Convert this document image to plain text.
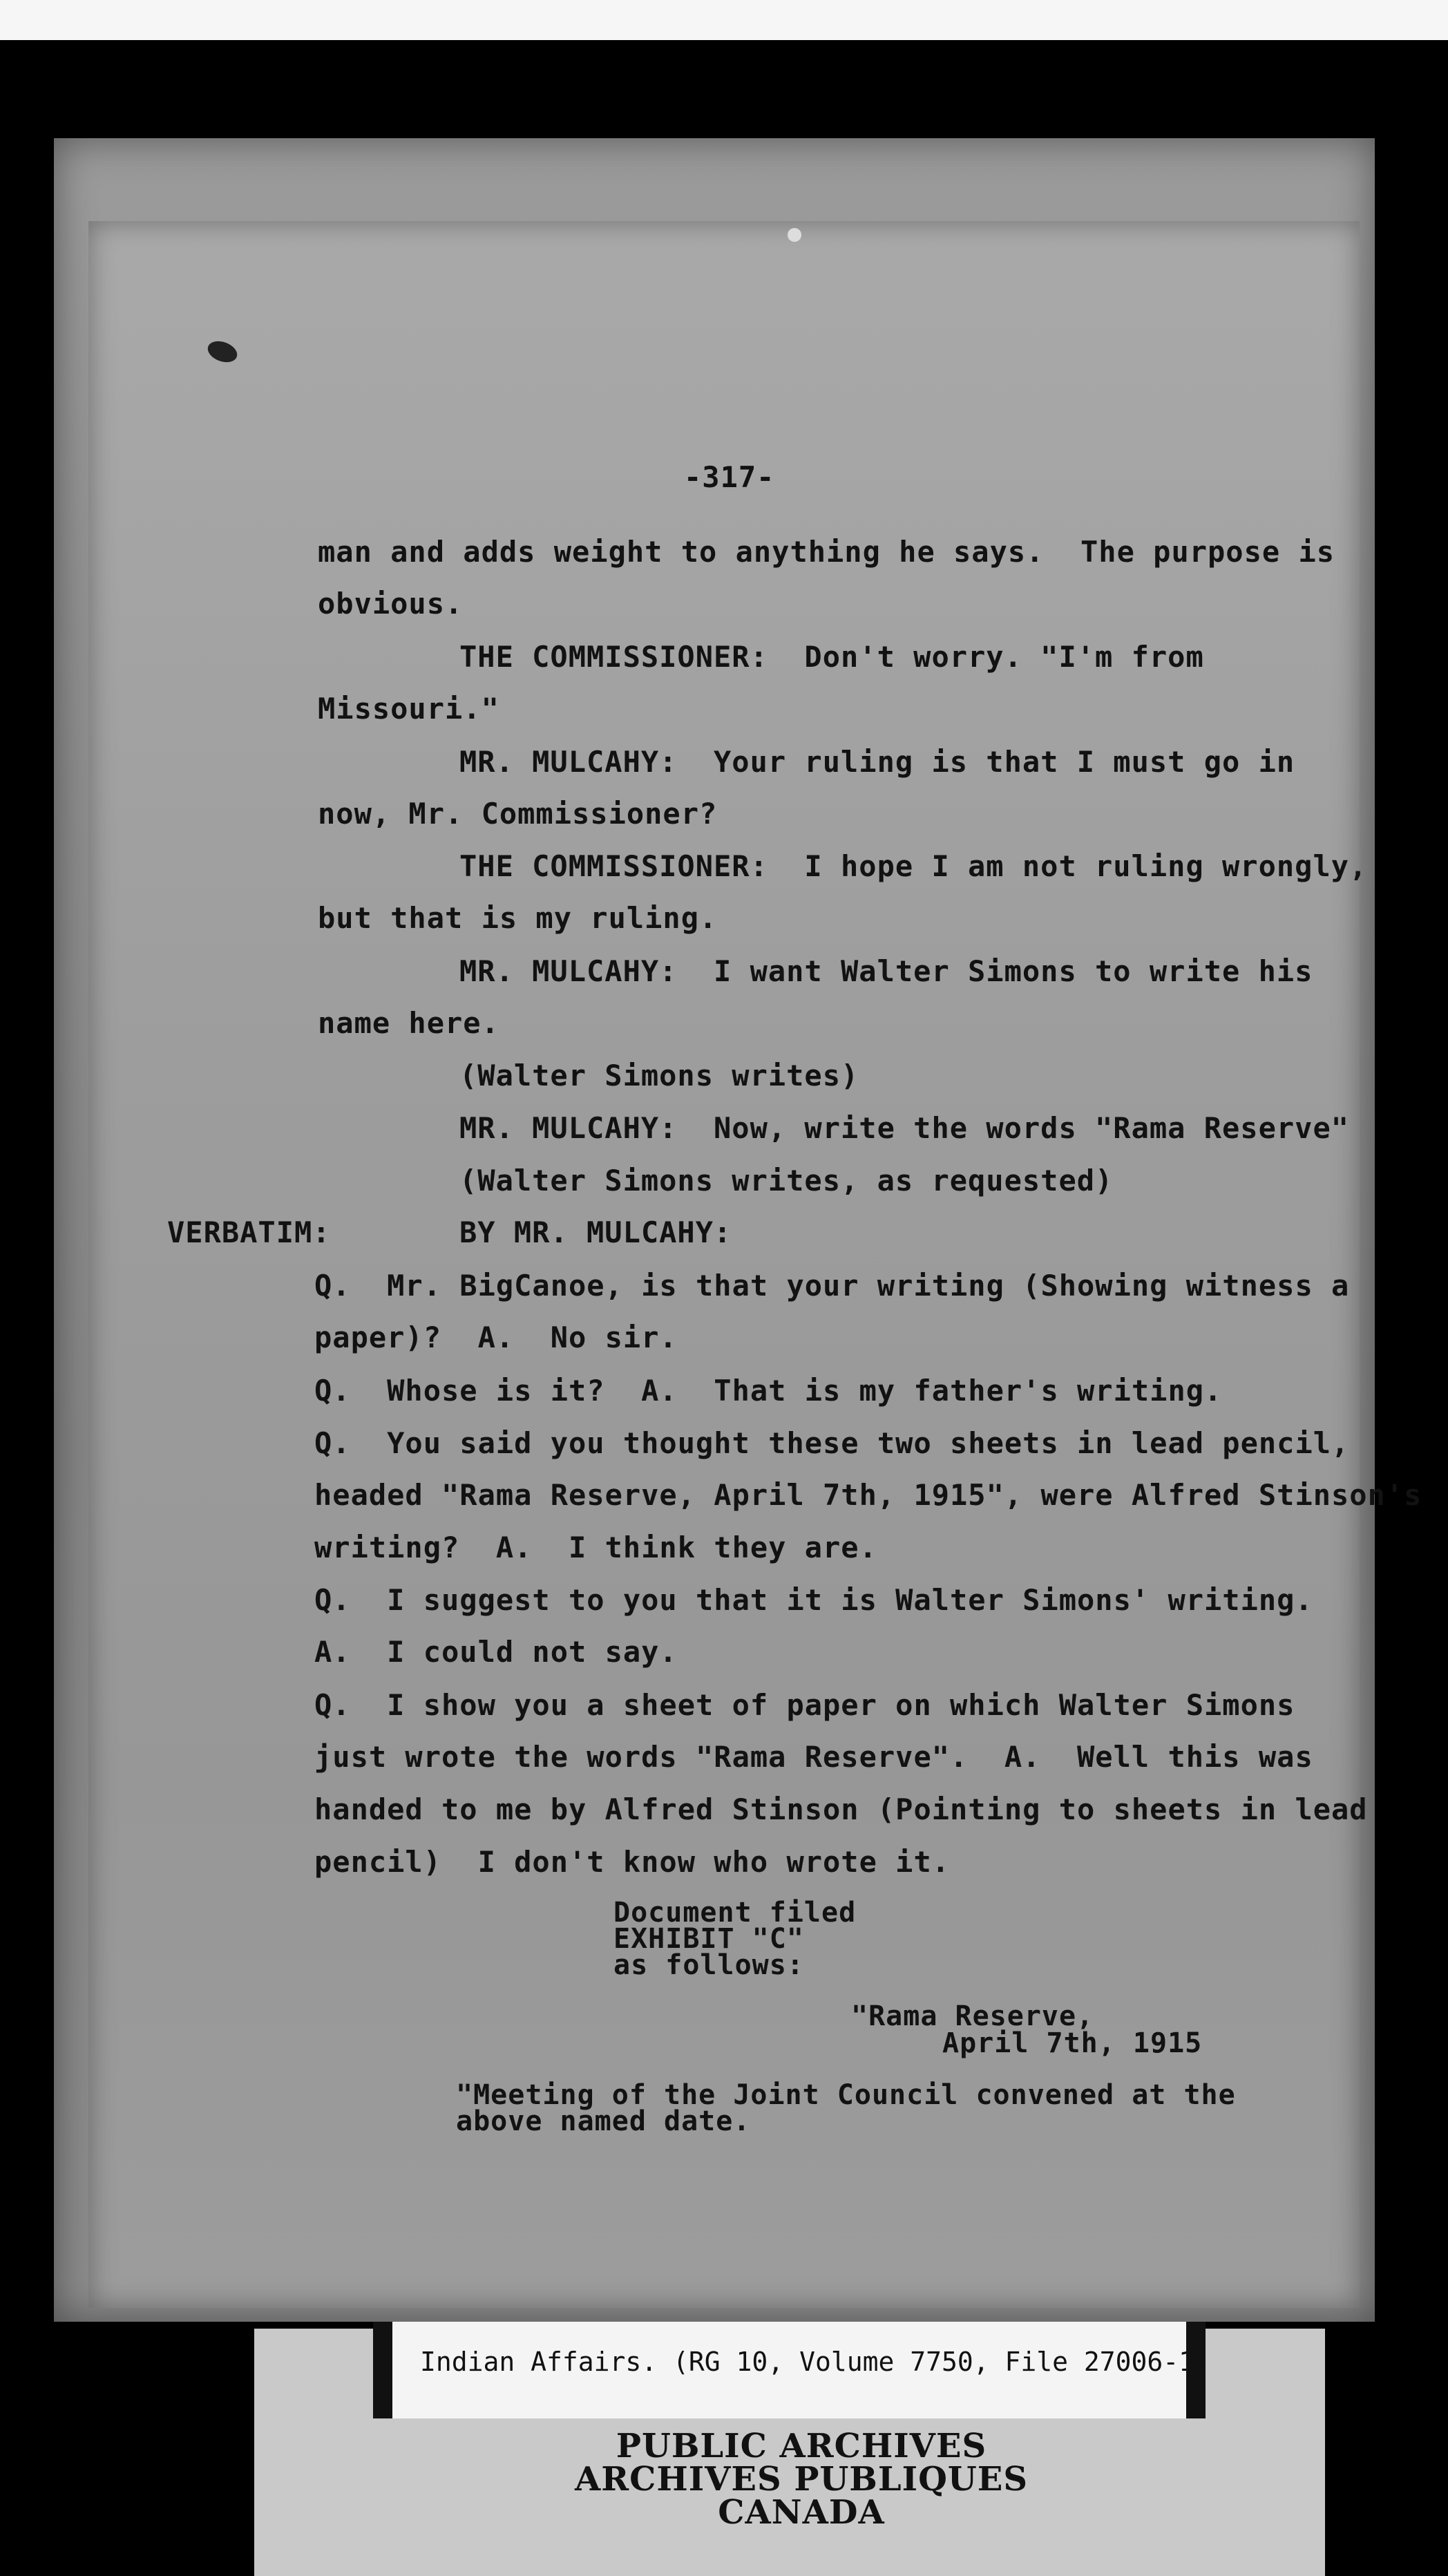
-317-
VERBATIM:
man and adds weight to anything he says.  The purpose is
obvious.
THE COMMISSIONER:  Don't worry. "I'm from
Missouri."
MR. MULCAHY:  Your ruling is that I must go in
now, Mr. Commissioner?
THE COMMISSIONER:  I hope I am not ruling wrongly,
but that is my ruling.
MR. MULCAHY:  I want Walter Simons to write his
name here.
(Walter Simons writes)
MR. MULCAHY:  Now, write the words "Rama Reserve"
(Walter Simons writes, as requested)
BY MR. MULCAHY:
Q.  Mr. BigCanoe, is that your writing (Showing witness a
paper)?  A.  No sir.
Q.  Whose is it?  A.  That is my father's writing.
Q.  You said you thought these two sheets in lead pencil,
headed "Rama Reserve, April 7th, 1915", were Alfred Stinson's
writing?  A.  I think they are.
Q.  I suggest to you that it is Walter Simons' writing.
A.  I could not say.
Q.  I show you a sheet of paper on which Walter Simons
just wrote the words "Rama Reserve".  A.  Well this was
handed to me by Alfred Stinson (Pointing to sheets in lead
pencil)  I don't know who wrote it.
Document filed
EXHIBIT "C"
as follows:
"Rama Reserve,
April 7th, 1915
"Meeting of the Joint Council convened at the
above named date.
Indian Affairs. (RG 10, Volume 7750, File 27006-1)
PUBLIC ARCHIVES
ARCHIVES PUBLIQUES
CANADA
